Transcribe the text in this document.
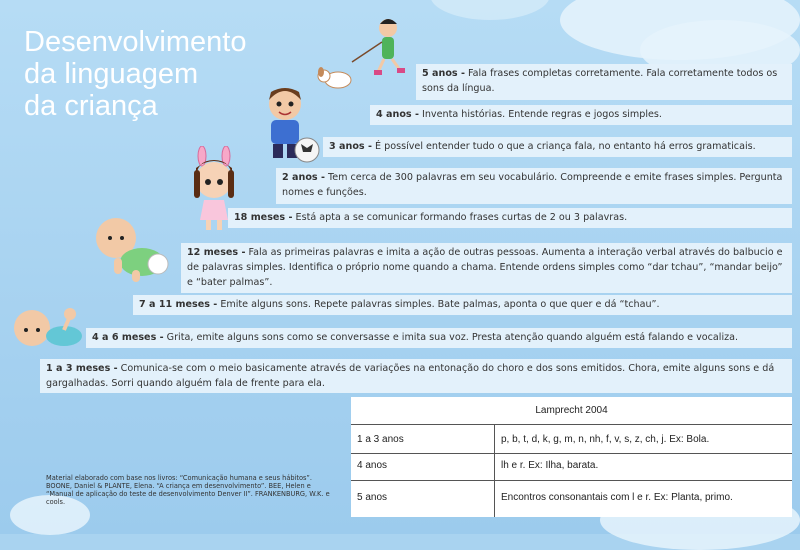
Desenvolvimento
da linguagem
da criança
5 anos - Fala frases completas corretamente. Fala corretamente todos os sons da língua.
4 anos - Inventa histórias. Entende regras e jogos simples.
3 anos - É possível entender tudo o que a criança fala, no entanto há erros gramaticais.
2 anos - Tem cerca de 300 palavras em seu vocabulário. Compreende e emite frases simples. Pergunta nomes e funções.
18 meses - Está apta a se comunicar formando frases curtas de 2 ou 3 palavras.
12 meses - Fala as primeiras palavras e imita a ação de outras pessoas. Aumenta a interação verbal através do balbucio e de palavras simples. Identifica o próprio nome quando a chama. Entende ordens simples como “dar tchau”, “mandar beijo” e “bater palmas”.
7 a 11 meses - Emite alguns sons. Repete palavras simples. Bate palmas, aponta o que quer e dá “tchau”.
4 a 6 meses - Grita, emite alguns sons como se conversasse e imita sua voz. Presta atenção quando alguém está falando e vocaliza.
1 a 3 meses - Comunica-se com o meio basicamente através de variações na entonação do choro e dos sons emitidos. Chora, emite alguns sons e dá gargalhadas. Sorri quando alguém fala de frente para ela.
Lamprecht 2004
1 a 3 anos	p, b, t, d, k, g, m, n, nh, f, v, s, z, ch, j. Ex: Bola.
4 anos	lh e r. Ex: Ilha, barata.
5 anos	Encontros consonantais com l e r. Ex: Planta, primo.
Material elaborado com base nos livros: “Comunicação humana e seus hábitos”. BOONE, Daniel & PLANTE, Elena. “A criança em desenvolvimento”. BEE, Helen e “Manual de aplicação do teste de desenvolvimento Denver II”. FRANKENBURG, W.K. e cools.
